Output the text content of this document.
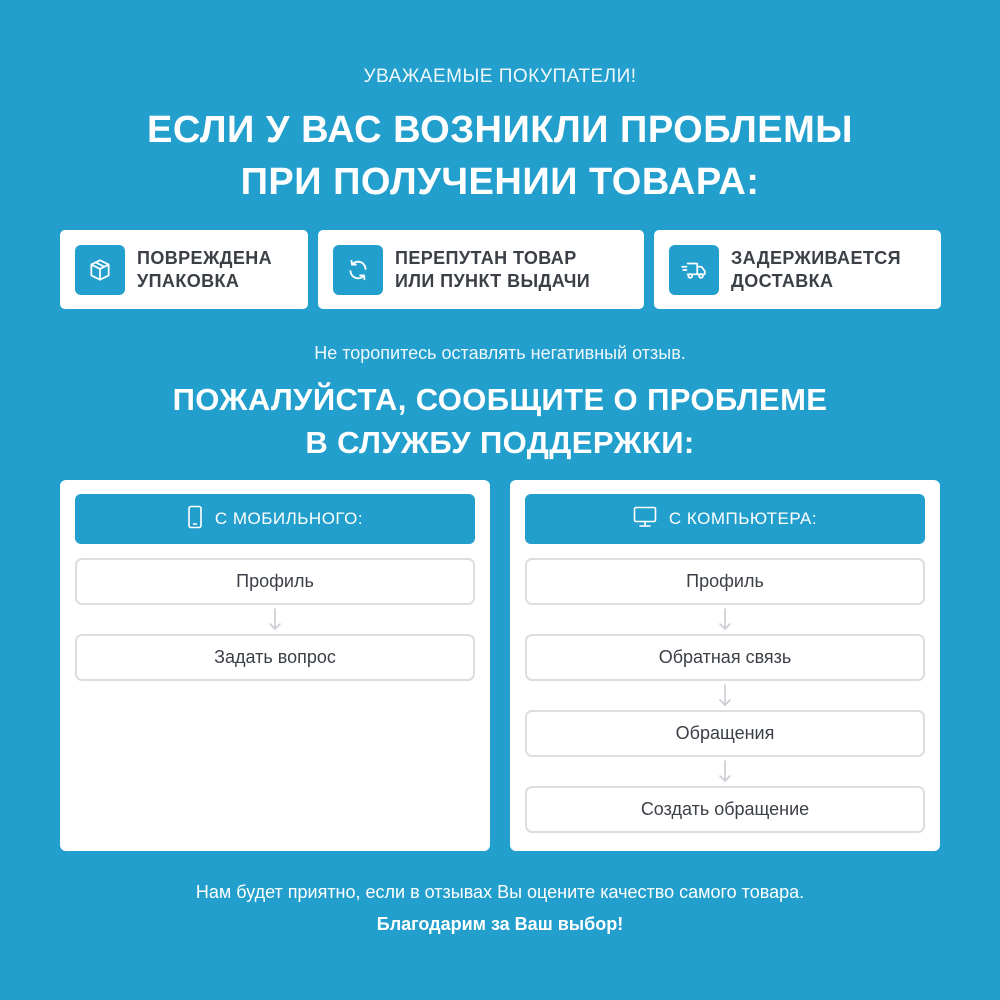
УВАЖАЕМЫЕ ПОКУПАТЕЛИ!
ЕСЛИ У ВАС ВОЗНИКЛИ ПРОБЛЕМЫ
ПРИ ПОЛУЧЕНИИ ТОВАРА:
ПОВРЕЖДЕНА
УПАКОВКА
ПЕРЕПУТАН ТОВАР
ИЛИ ПУНКТ ВЫДАЧИ
ЗАДЕРЖИВАЕТСЯ
ДОСТАВКА
Не торопитесь оставлять негативный отзыв.
ПОЖАЛУЙСТА, СООБЩИТЕ О ПРОБЛЕМЕ
В СЛУЖБУ ПОДДЕРЖКИ:
С МОБИЛЬНОГО:
Профиль
Задать вопрос
С КОМПЬЮТЕРА:
Профиль
Обратная связь
Обращения
Создать обращение
Нам будет приятно, если в отзывах Вы оцените качество самого товара.
Благодарим за Ваш выбор!
